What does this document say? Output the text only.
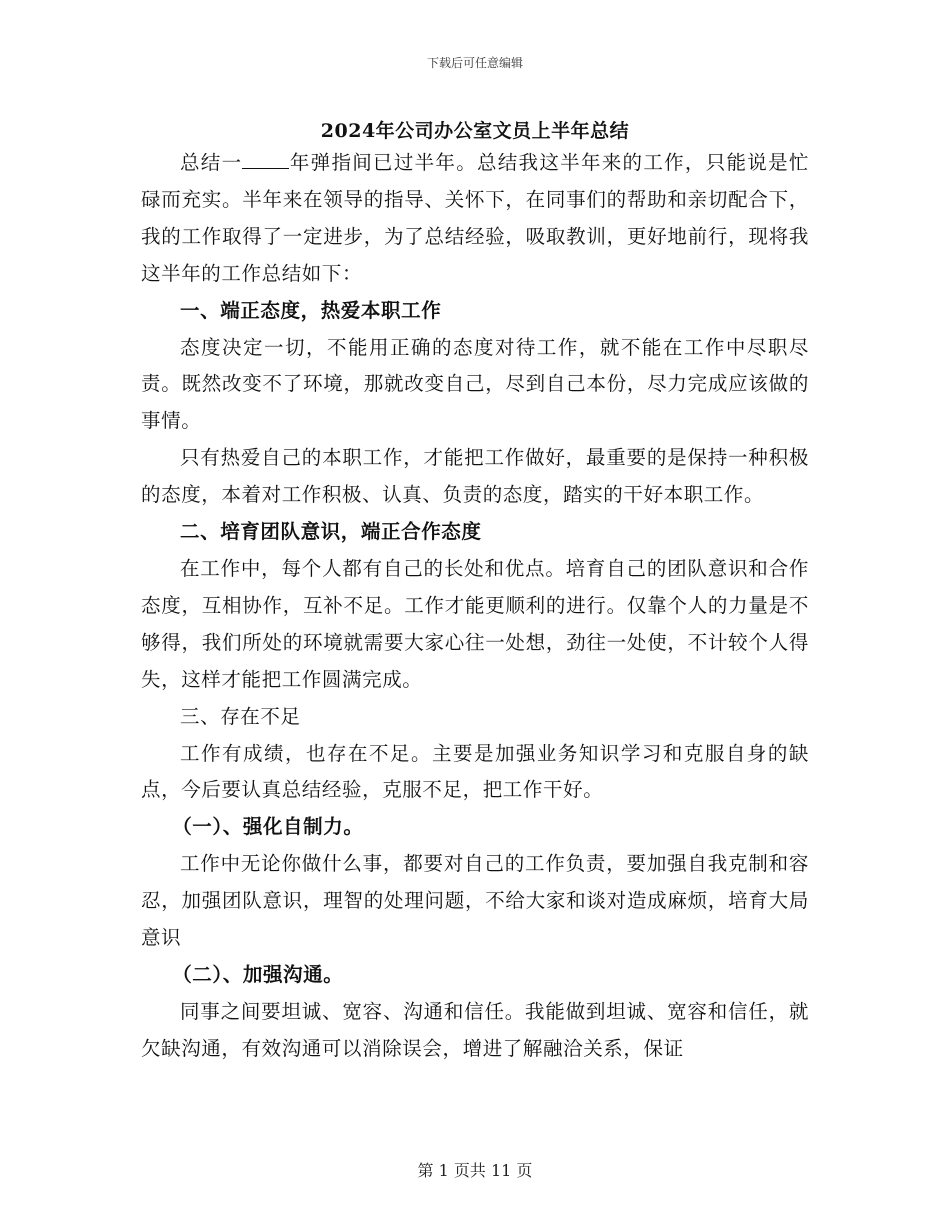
下载后可任意编辑
2024年公司办公室文员上半年总结

总结一 年弹指间已过半年。总结我这半年来的工作，只能说是忙碌而充实。半年来在领导的指导、关怀下，在同事们的帮助和亲切配合下，我的工作取得了一定进步，为了总结经验，吸取教训，更好地前行，现将我这半年的工作总结如下：

一、端正态度，热爱本职工作

态度决定一切，不能用正确的态度对待工作，就不能在工作中尽职尽责。既然改变不了环境，那就改变自己，尽到自己本份，尽力完成应该做的事情。

只有热爱自己的本职工作，才能把工作做好，最重要的是保持一种积极的态度，本着对工作积极、认真、负责的态度，踏实的干好本职工作。

二、培育团队意识，端正合作态度

在工作中，每个人都有自己的长处和优点。培育自己的团队意识和合作态度，互相协作，互补不足。工作才能更顺利的进行。仅靠个人的力量是不够得，我们所处的环境就需要大家心往一处想，劲往一处使，不计较个人得失，这样才能把工作圆满完成。

三、存在不足

工作有成绩，也存在不足。主要是加强业务知识学习和克服自身的缺点，今后要认真总结经验，克服不足，把工作干好。

（一）、强化自制力。

工作中无论你做什么事，都要对自己的工作负责，要加强自我克制和容忍，加强团队意识，理智的处理问题，不给大家和谈对造成麻烦，培育大局意识

（二）、加强沟通。

同事之间要坦诚、宽容、沟通和信任。我能做到坦诚、宽容和信任，就欠缺沟通，有效沟通可以消除误会，增进了解融洽关系，保证

第 1 页共 11 页
